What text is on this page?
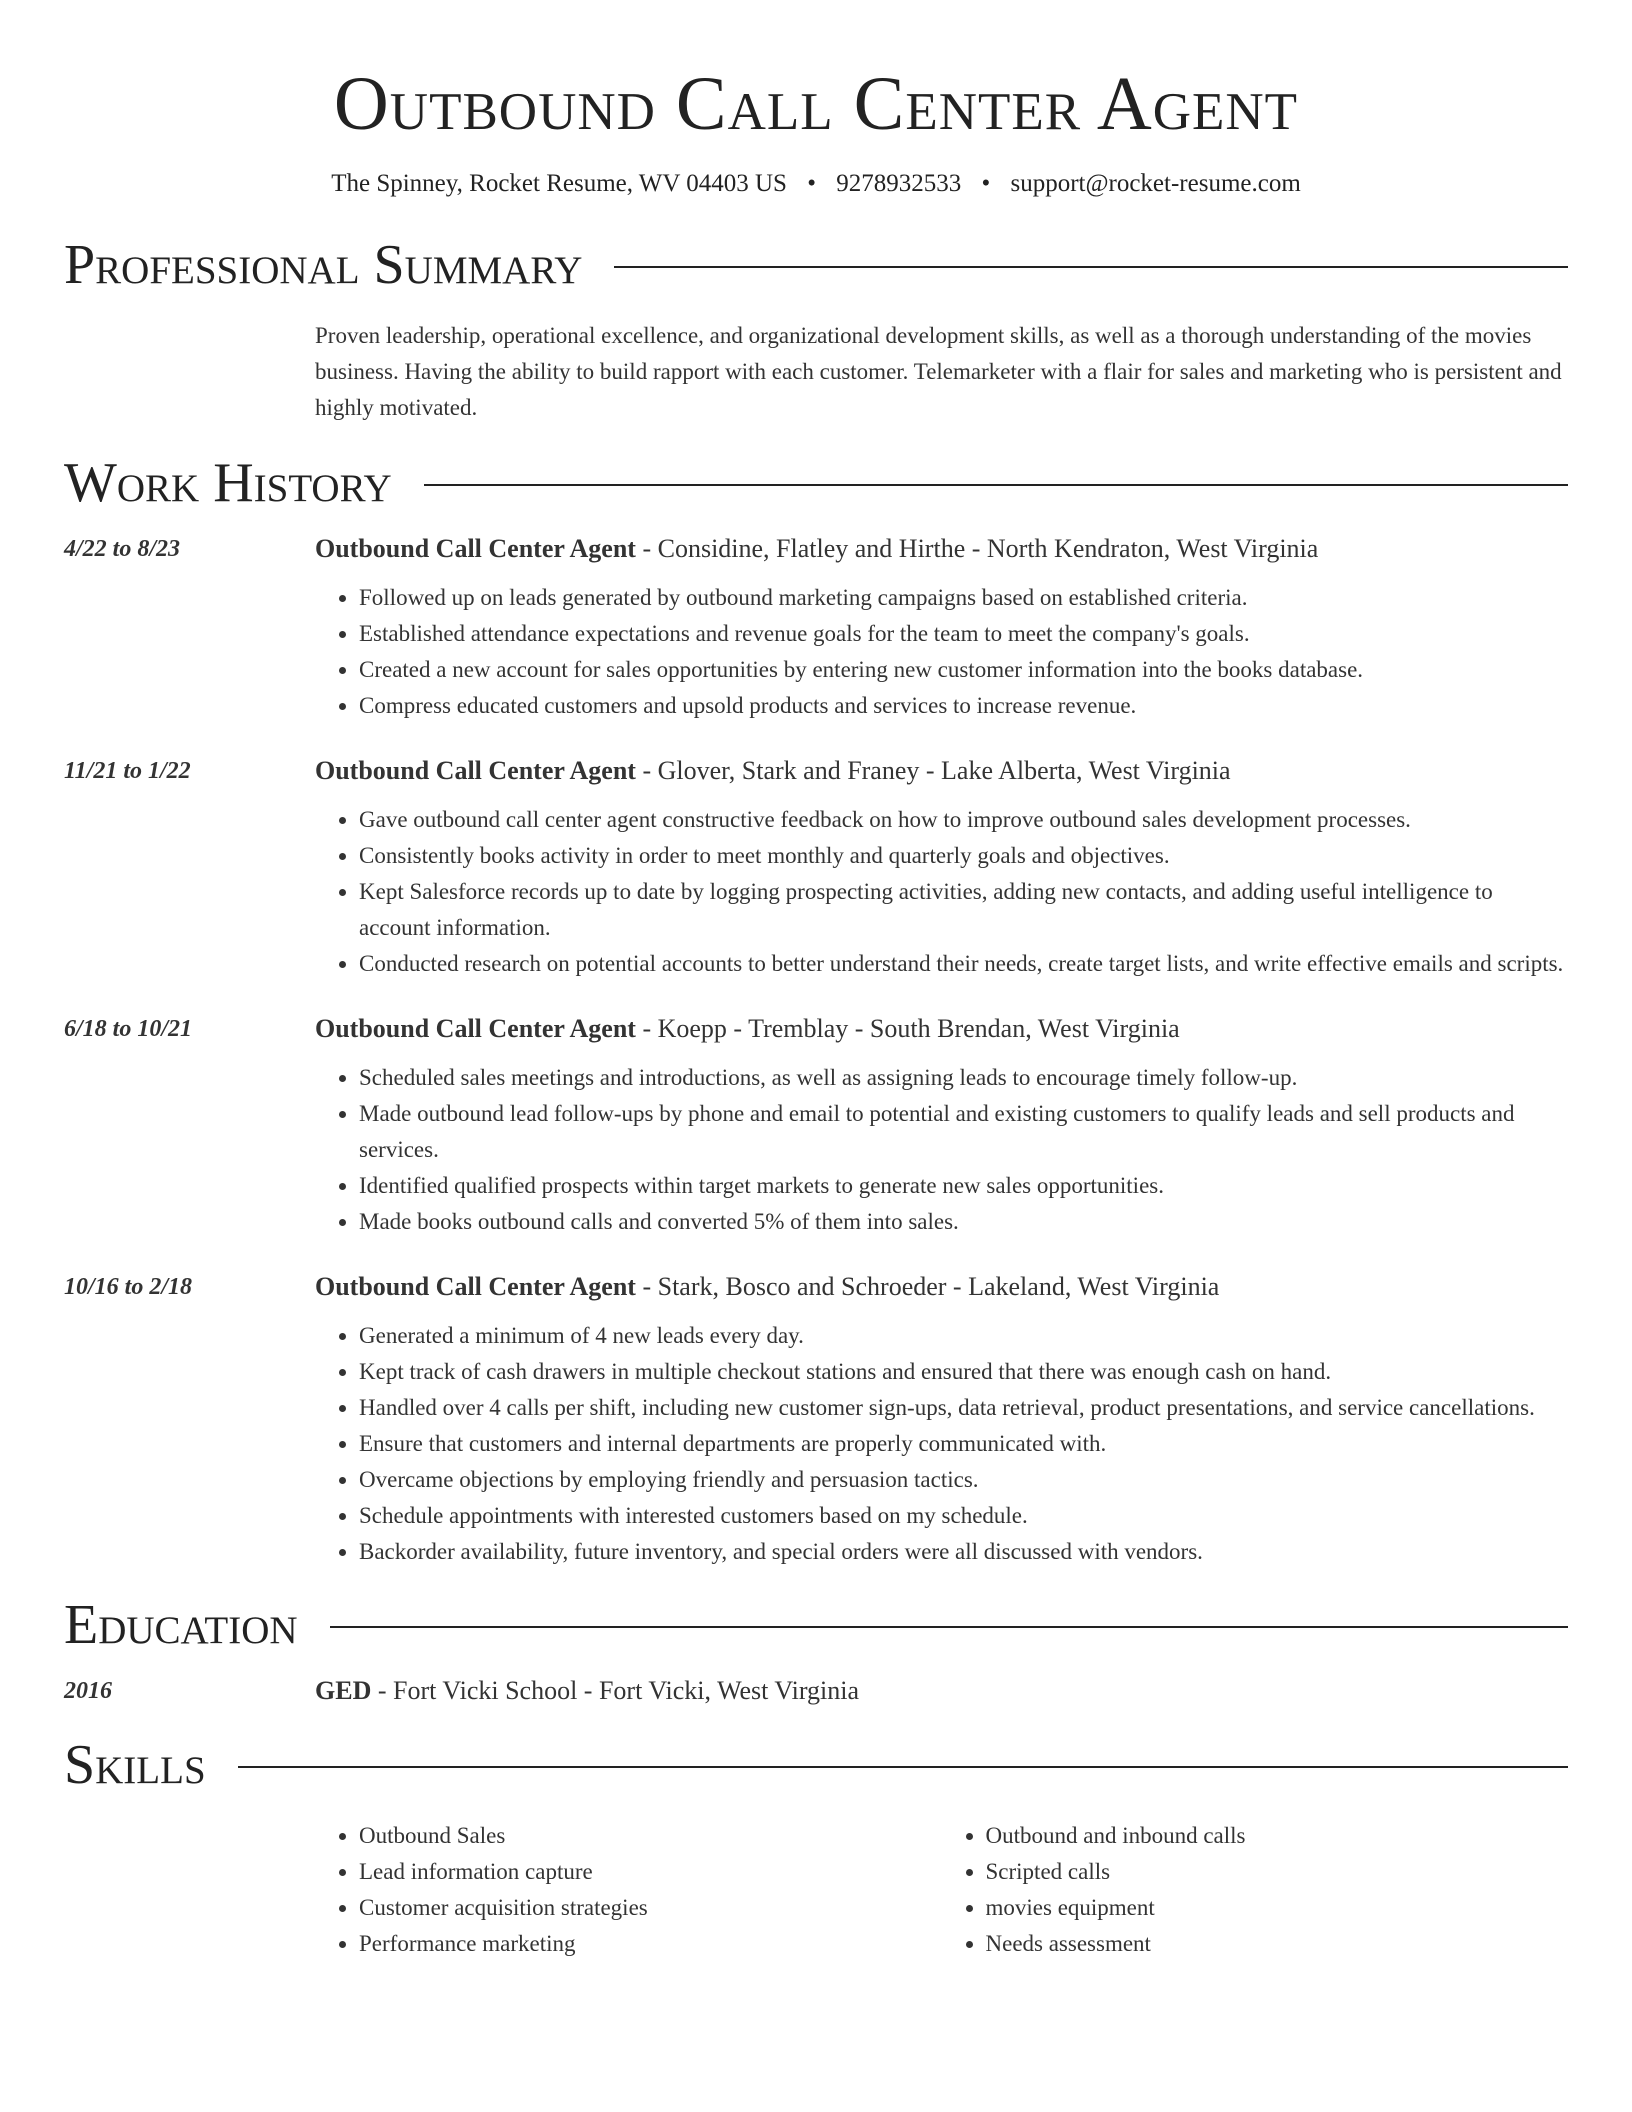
Outbound Call Center Agent
The Spinney, Rocket Resume, WV 04403 US • 9278932533 • support@rocket-resume.com
Professional Summary
Proven leadership, operational excellence, and organizational development skills, as well as a thorough understanding of the movies business. Having the ability to build rapport with each customer. Telemarketer with a flair for sales and marketing who is persistent and highly motivated.
Work History
4/22 to 8/23	Outbound Call Center Agent - Considine, Flatley and Hirthe - North Kendraton, West Virginia
• Followed up on leads generated by outbound marketing campaigns based on established criteria.
• Established attendance expectations and revenue goals for the team to meet the company's goals.
• Created a new account for sales opportunities by entering new customer information into the books database.
• Compress educated customers and upsold products and services to increase revenue.
11/21 to 1/22	Outbound Call Center Agent - Glover, Stark and Franey - Lake Alberta, West Virginia
• Gave outbound call center agent constructive feedback on how to improve outbound sales development processes.
• Consistently books activity in order to meet monthly and quarterly goals and objectives.
• Kept Salesforce records up to date by logging prospecting activities, adding new contacts, and adding useful intelligence to account information.
• Conducted research on potential accounts to better understand their needs, create target lists, and write effective emails and scripts.
6/18 to 10/21	Outbound Call Center Agent - Koepp - Tremblay - South Brendan, West Virginia
• Scheduled sales meetings and introductions, as well as assigning leads to encourage timely follow-up.
• Made outbound lead follow-ups by phone and email to potential and existing customers to qualify leads and sell products and services.
• Identified qualified prospects within target markets to generate new sales opportunities.
• Made books outbound calls and converted 5% of them into sales.
10/16 to 2/18	Outbound Call Center Agent - Stark, Bosco and Schroeder - Lakeland, West Virginia
• Generated a minimum of 4 new leads every day.
• Kept track of cash drawers in multiple checkout stations and ensured that there was enough cash on hand.
• Handled over 4 calls per shift, including new customer sign-ups, data retrieval, product presentations, and service cancellations.
• Ensure that customers and internal departments are properly communicated with.
• Overcame objections by employing friendly and persuasion tactics.
• Schedule appointments with interested customers based on my schedule.
• Backorder availability, future inventory, and special orders were all discussed with vendors.
Education
2016	GED - Fort Vicki School - Fort Vicki, West Virginia
Skills
• Outbound Sales
• Lead information capture
• Customer acquisition strategies
• Performance marketing
• Outbound and inbound calls
• Scripted calls
• movies equipment
• Needs assessment
